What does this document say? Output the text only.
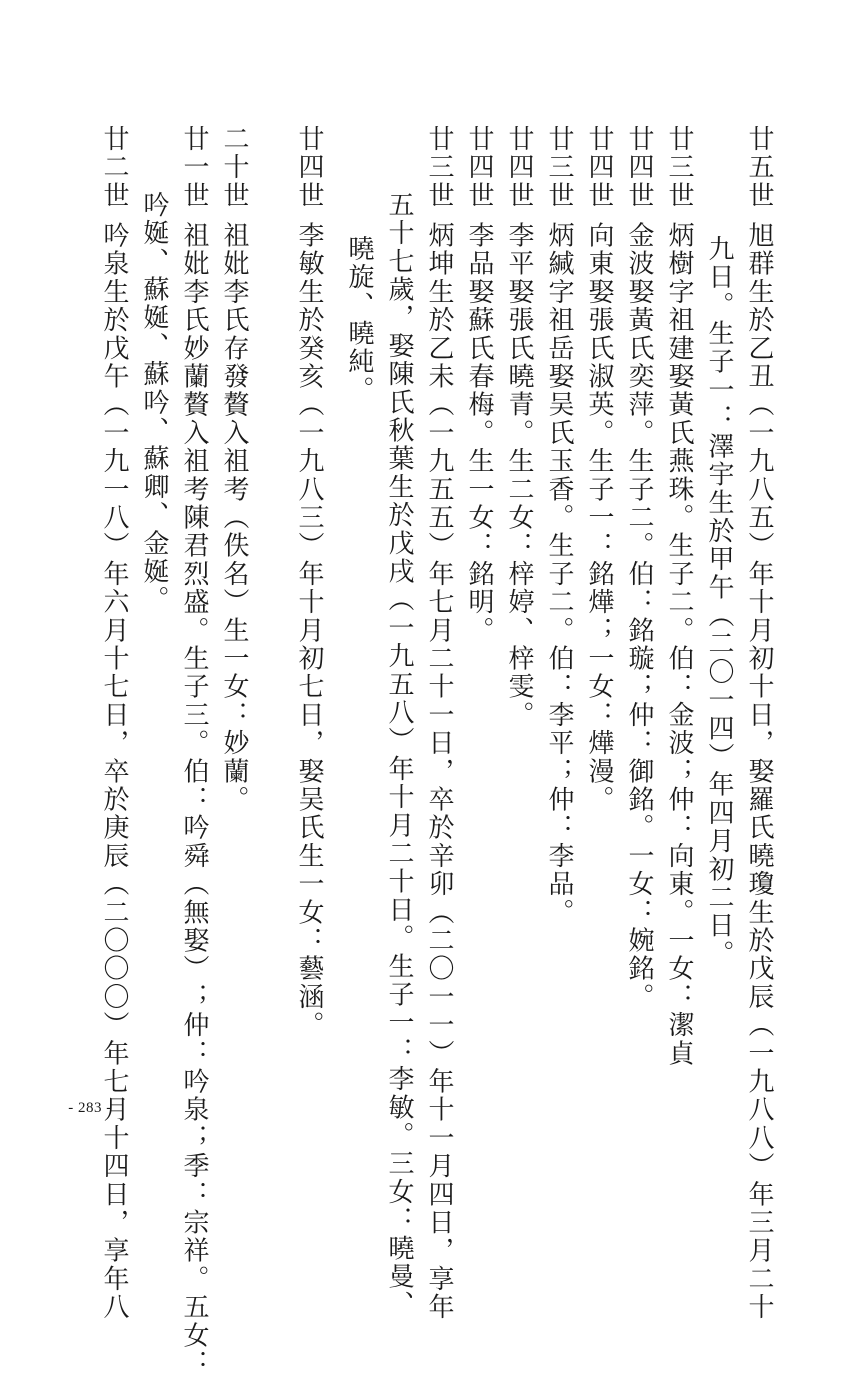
廿五世旭群生於乙丑（一九八五）年十月初十日，娶羅氏曉瓊生於戊辰（一九八八）年三月二十
九日。生子一：澤宇生於甲午（二〇一四）年四月初二日。
廿三世炳樹字祖建娶黃氏燕珠。生子二。伯：金波；仲：向東。一女：潔貞
廿四世金波娶黃氏奕萍。生子二。伯：銘璇；仲：御銘。一女：婉銘。
廿四世向東娶張氏淑英。生子一：銘燁；一女：燁漫。
廿三世炳緘字祖岳娶吴氏玉香。生子二。伯：李平；仲：李品。
廿四世李平娶張氏曉青。生二女：梓婷、梓雯。
廿四世李品娶蘇氏春梅。生一女：銘明。
廿三世炳坤生於乙未（一九五五）年七月二十一日，卒於辛卯（二〇一一）年十一月四日，享年
五十七歲，娶陳氏秋葉生於戊戌（一九五八）年十月二十日。生子一：李敏。三女：曉曼、
曉旋、曉純。
廿四世李敏生於癸亥（一九八三）年十月初七日，娶吴氏生一女：藝涵。
二十世祖妣李氏存發贅入祖考（佚名）生一女：妙蘭。
廿一世祖妣李氏妙蘭贅入祖考陳君烈盛。生子三。伯：吟舜（無娶）；仲：吟泉；季：宗祥。五女：
吟娫、蘇娫、蘇吟、蘇卿、金娫。
廿二世吟泉生於戊午（一九一八）年六月十七日，卒於庚辰（二〇〇〇）年七月十四日，享年八
- 283 -
